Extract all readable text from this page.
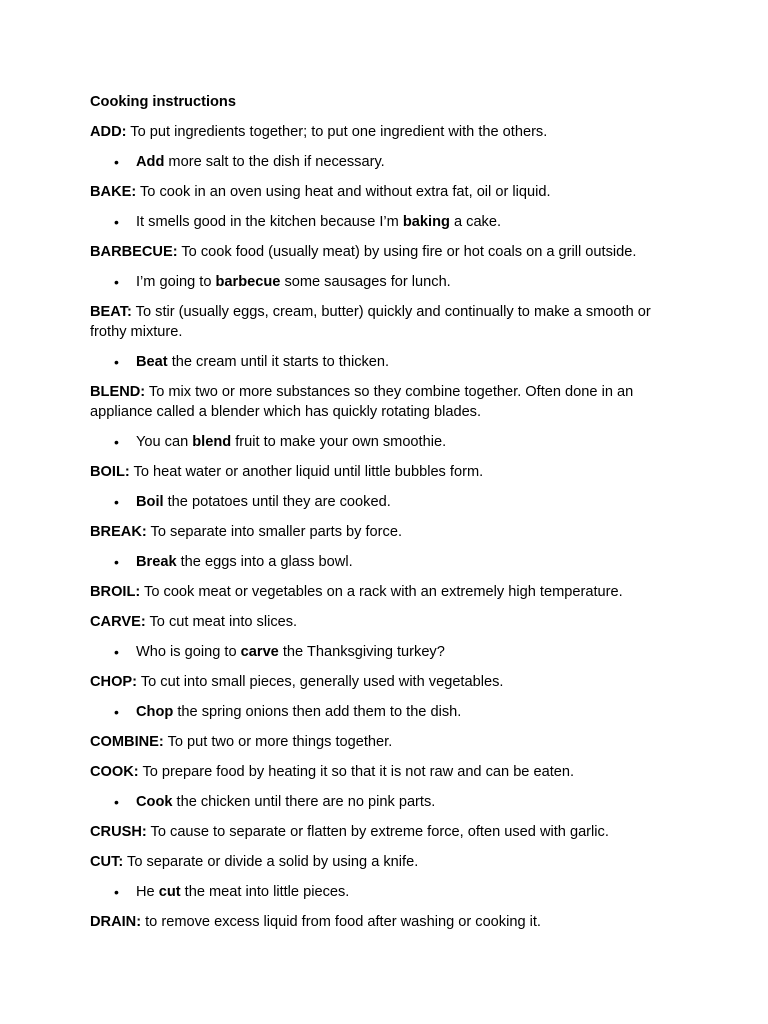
Cooking instructions
ADD: To put ingredients together; to put one ingredient with the others.
• Add more salt to the dish if necessary.
BAKE: To cook in an oven using heat and without extra fat, oil or liquid.
• It smells good in the kitchen because I’m baking a cake.
BARBECUE: To cook food (usually meat) by using fire or hot coals on a grill outside.
• I’m going to barbecue some sausages for lunch.
BEAT: To stir (usually eggs, cream, butter) quickly and continually to make a smooth or frothy mixture.
• Beat the cream until it starts to thicken.
BLEND: To mix two or more substances so they combine together. Often done in an appliance called a blender which has quickly rotating blades.
• You can blend fruit to make your own smoothie.
BOIL: To heat water or another liquid until little bubbles form.
• Boil the potatoes until they are cooked.
BREAK: To separate into smaller parts by force.
• Break the eggs into a glass bowl.
BROIL: To cook meat or vegetables on a rack with an extremely high temperature.
CARVE: To cut meat into slices.
• Who is going to carve the Thanksgiving turkey?
CHOP: To cut into small pieces, generally used with vegetables.
• Chop the spring onions then add them to the dish.
COMBINE: To put two or more things together.
COOK: To prepare food by heating it so that it is not raw and can be eaten.
• Cook the chicken until there are no pink parts.
CRUSH: To cause to separate or flatten by extreme force, often used with garlic.
CUT: To separate or divide a solid by using a knife.
• He cut the meat into little pieces.
DRAIN: to remove excess liquid from food after washing or cooking it.
